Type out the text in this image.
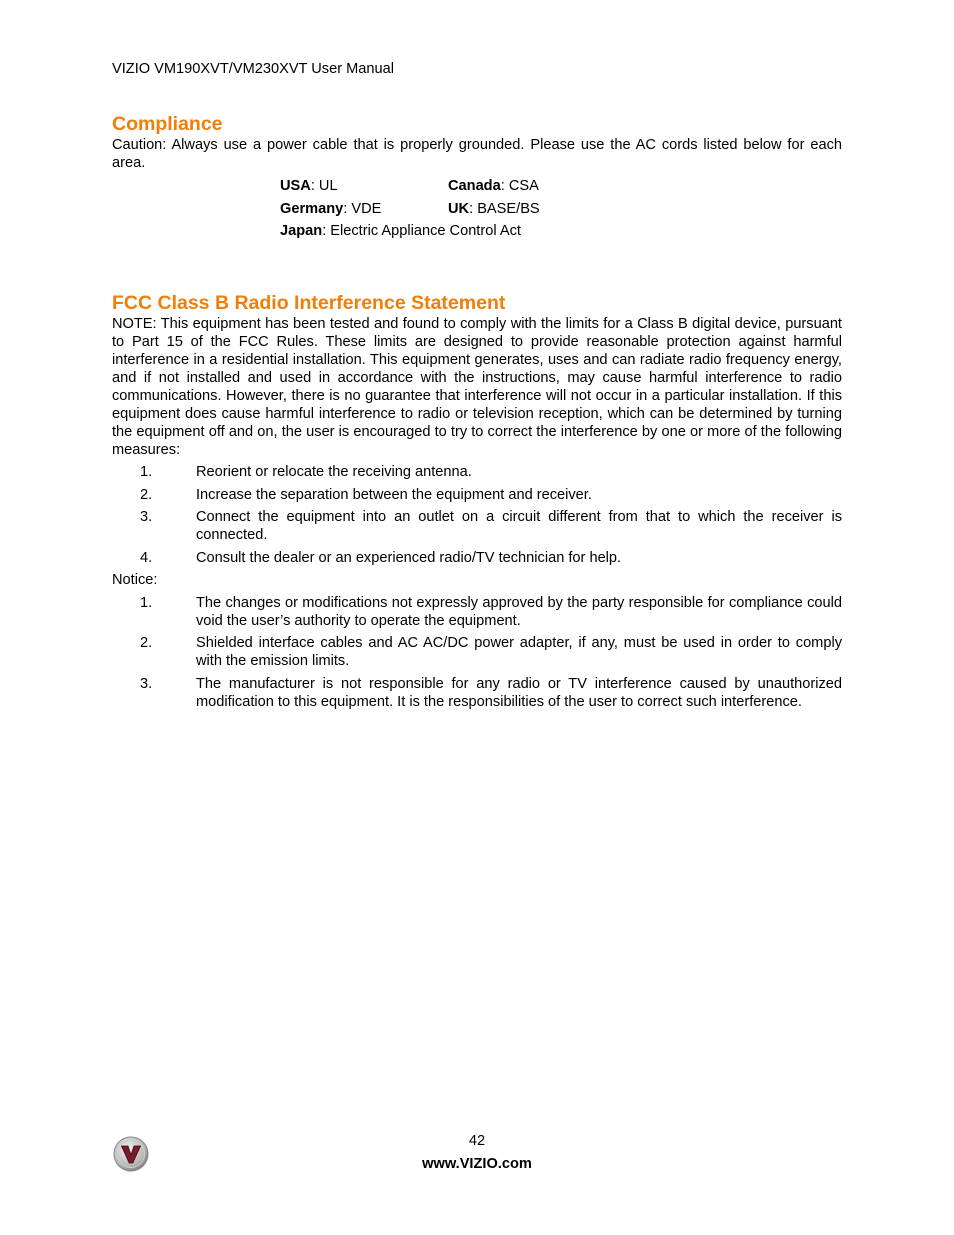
VIZIO VM190XVT/VM230XVT User Manual
Compliance

Caution: Always use a power cable that is properly grounded. Please use the AC cords listed below for each area.

USA: UL	Canada: CSA
Germany: VDE	UK: BASE/BS
Japan: Electric Appliance Control Act
FCC Class B Radio Interference Statement

NOTE: This equipment has been tested and found to comply with the limits for a Class B digital device, pursuant to Part 15 of the FCC Rules. These limits are designed to provide reasonable protection against harmful interference in a residential installation. This equipment generates, uses and can radiate radio frequency energy, and if not installed and used in accordance with the instructions, may cause harmful interference to radio communications. However, there is no guarantee that interference will not occur in a particular installation. If this equipment does cause harmful interference to radio or television reception, which can be determined by turning the equipment off and on, the user is encouraged to try to correct the interference by one or more of the following measures:

1.	Reorient or relocate the receiving antenna.
2.	Increase the separation between the equipment and receiver.
3.	Connect the equipment into an outlet on a circuit different from that to which the receiver is connected.
4.	Consult the dealer or an experienced radio/TV technician for help.
Notice:
1.	The changes or modifications not expressly approved by the party responsible for compliance could void the user’s authority to operate the equipment.
2.	Shielded interface cables and AC AC/DC power adapter, if any, must be used in order to comply with the emission limits.
3.	The manufacturer is not responsible for any radio or TV interference caused by unauthorized modification to this equipment. It is the responsibilities of the user to correct such interference.
42
www.VIZIO.com
